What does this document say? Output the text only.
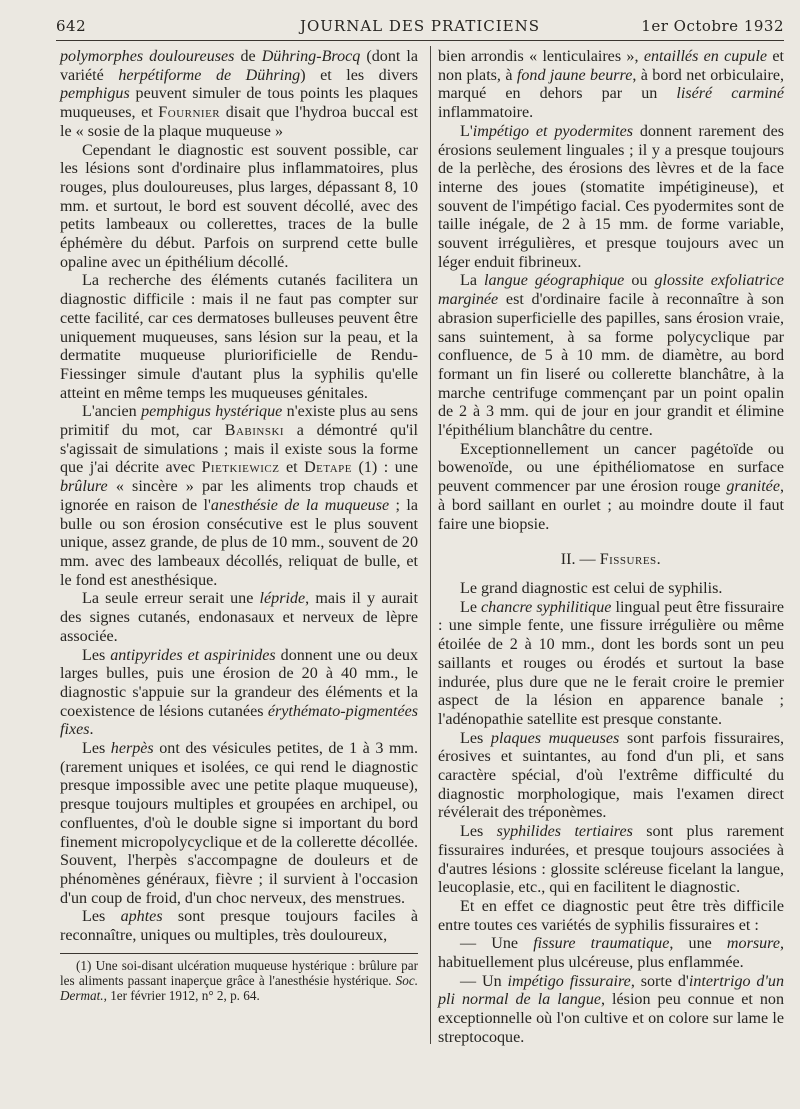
642	JOURNAL DES PRATICIENS	1er Octobre 1932

polymorphes douloureuses de Dühring-Brocq (dont la variété herpétiforme de Dühring) et les divers pemphigus peuvent simuler de tous points les plaques muqueuses, et Fournier disait que l'hydroa buccal est le « sosie de la plaque muqueuse »

Cependant le diagnostic est souvent possible, car les lésions sont d'ordinaire plus inflammatoires, plus rouges, plus douloureuses, plus larges, dépassant 8, 10 mm. et surtout, le bord est souvent décollé, avec des petits lambeaux ou collerettes, traces de la bulle éphémère du début. Parfois on surprend cette bulle opaline avec un épithélium décollé.

La recherche des éléments cutanés facilitera un diagnostic difficile : mais il ne faut pas compter sur cette facilité, car ces dermatoses bulleuses peuvent être uniquement muqueuses, sans lésion sur la peau, et la dermatite muqueuse pluriorificielle de Rendu-Fiessinger simule d'autant plus la syphilis qu'elle atteint en même temps les muqueuses génitales.

L'ancien pemphigus hystérique n'existe plus au sens primitif du mot, car Babinski a démontré qu'il s'agissait de simulations ; mais il existe sous la forme que j'ai décrite avec Pietkiewicz et Detape (1) : une brûlure « sincère » par les aliments trop chauds et ignorée en raison de l'anesthésie de la muqueuse ; la bulle ou son érosion consécutive est le plus souvent unique, assez grande, de plus de 10 mm., souvent de 20 mm. avec des lambeaux décollés, reliquat de bulle, et le fond est anesthésique.

La seule erreur serait une lépride, mais il y aurait des signes cutanés, endonasaux et nerveux de lèpre associée.

Les antipyrides et aspirinides donnent une ou deux larges bulles, puis une érosion de 20 à 40 mm., le diagnostic s'appuie sur la grandeur des éléments et la coexistence de lésions cutanées érythémato-pigmentées fixes.

Les herpès ont des vésicules petites, de 1 à 3 mm. (rarement uniques et isolées, ce qui rend le diagnostic presque impossible avec une petite plaque muqueuse), presque toujours multiples et groupées en archipel, ou confluentes, d'où le double signe si important du bord finement micropolycyclique et de la collerette décollée. Souvent, l'herpès s'accompagne de douleurs et de phénomènes généraux, fièvre ; il survient à l'occasion d'un coup de froid, d'un choc nerveux, des menstrues.

Les aphtes sont presque toujours faciles à reconnaître, uniques ou multiples, très douloureux,

(1) Une soi-disant ulcération muqueuse hystérique : brûlure par les aliments passant inaperçue grâce à l'anesthésie hystérique. Soc. Dermat., 1er février 1912, n° 2, p. 64.

bien arrondis « lenticulaires », entaillés en cupule et non plats, à fond jaune beurre, à bord net orbiculaire, marqué en dehors par un liséré carminé inflammatoire.

L'impétigo et pyodermites donnent rarement des érosions seulement linguales ; il y a presque toujours de la perlèche, des érosions des lèvres et de la face interne des joues (stomatite impétigineuse), et souvent de l'impétigo facial. Ces pyodermites sont de taille inégale, de 2 à 15 mm. de forme variable, souvent irrégulières, et presque toujours avec un léger enduit fibrineux.

La langue géographique ou glossite exfoliatrice marginée est d'ordinaire facile à reconnaître à son abrasion superficielle des papilles, sans érosion vraie, sans suintement, à sa forme polycyclique par confluence, de 5 à 10 mm. de diamètre, au bord formant un fin liseré ou collerette blanchâtre, à la marche centrifuge commençant par un point opalin de 2 à 3 mm. qui de jour en jour grandit et élimine l'épithélium blanchâtre du centre.

Exceptionnellement un cancer pagétoïde ou bowenoïde, ou une épithéliomatose en surface peuvent commencer par une érosion rouge granitée, à bord saillant en ourlet ; au moindre doute il faut faire une biopsie.

II. — Fissures.

Le grand diagnostic est celui de syphilis.

Le chancre syphilitique lingual peut être fissuraire : une simple fente, une fissure irrégulière ou même étoilée de 2 à 10 mm., dont les bords sont un peu saillants et rouges ou érodés et surtout la base indurée, plus dure que ne le ferait croire le premier aspect de la lésion en apparence banale ; l'adénopathie satellite est presque constante.

Les plaques muqueuses sont parfois fissuraires, érosives et suintantes, au fond d'un pli, et sans caractère spécial, d'où l'extrême difficulté du diagnostic morphologique, mais l'examen direct révélerait des tréponèmes.

Les syphilides tertiaires sont plus rarement fissuraires indurées, et presque toujours associées à d'autres lésions : glossite scléreuse ficelant la langue, leucoplasie, etc., qui en facilitent le diagnostic.

Et en effet ce diagnostic peut être très difficile entre toutes ces variétés de syphilis fissuraires et :

— Une fissure traumatique, une morsure, habituellement plus ulcéreuse, plus enflammée.

— Un impétigo fissuraire, sorte d'intertrigo d'un pli normal de la langue, lésion peu connue et non exceptionnelle où l'on cultive et on colore sur lame le streptocoque.
